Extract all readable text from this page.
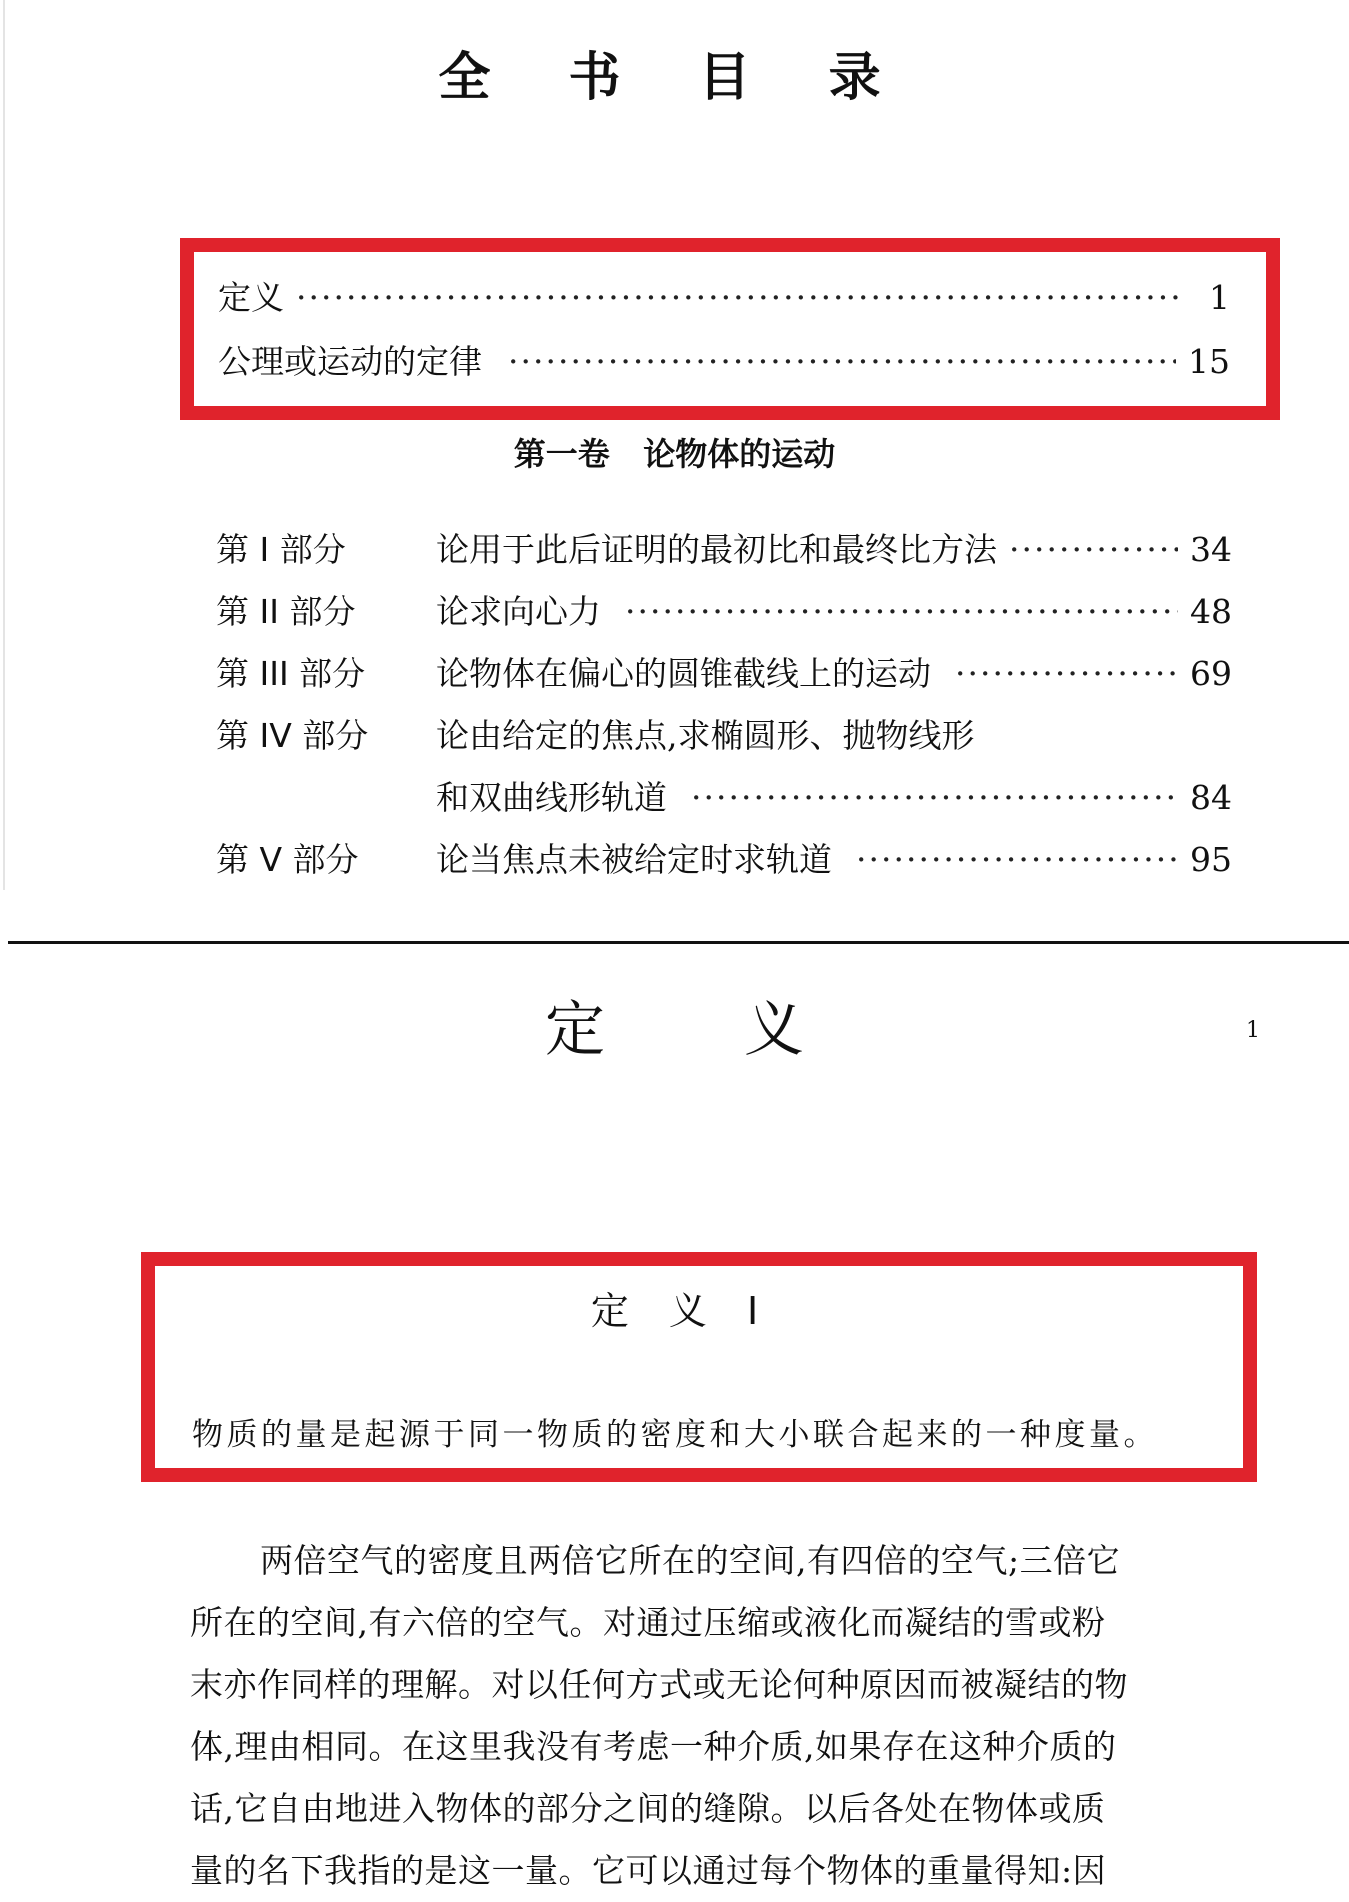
全 书 目 录
定义 ·····	1
公理或运动的定律 ·····	15
第一卷   论物体的运动
第 I 部分	论用于此后证明的最初比和最终比方法 ·····	34
第 II 部分	论求向心力 ·····	48
第 III 部分	论物体在偏心的圆锥截线上的运动 ·····	69
第 IV 部分	论由给定的焦点,求椭圆形、抛物线形
和双曲线形轨道 ·····	84
第 V 部分	论当焦点未被给定时求轨道 ·····	95
定 义	1
定 义 I
物质的量是起源于同一物质的密度和大小联合起来的一种度量。
两倍空气的密度且两倍它所在的空间,有四倍的空气;三倍它
所在的空间,有六倍的空气。对通过压缩或液化而凝结的雪或粉
末亦作同样的理解。对以任何方式或无论何种原因而被凝结的物
体,理由相同。在这里我没有考虑一种介质,如果存在这种介质的
话,它自由地进入物体的部分之间的缝隙。以后各处在物体或质
量的名下我指的是这一量。它可以通过每个物体的重量得知:因
